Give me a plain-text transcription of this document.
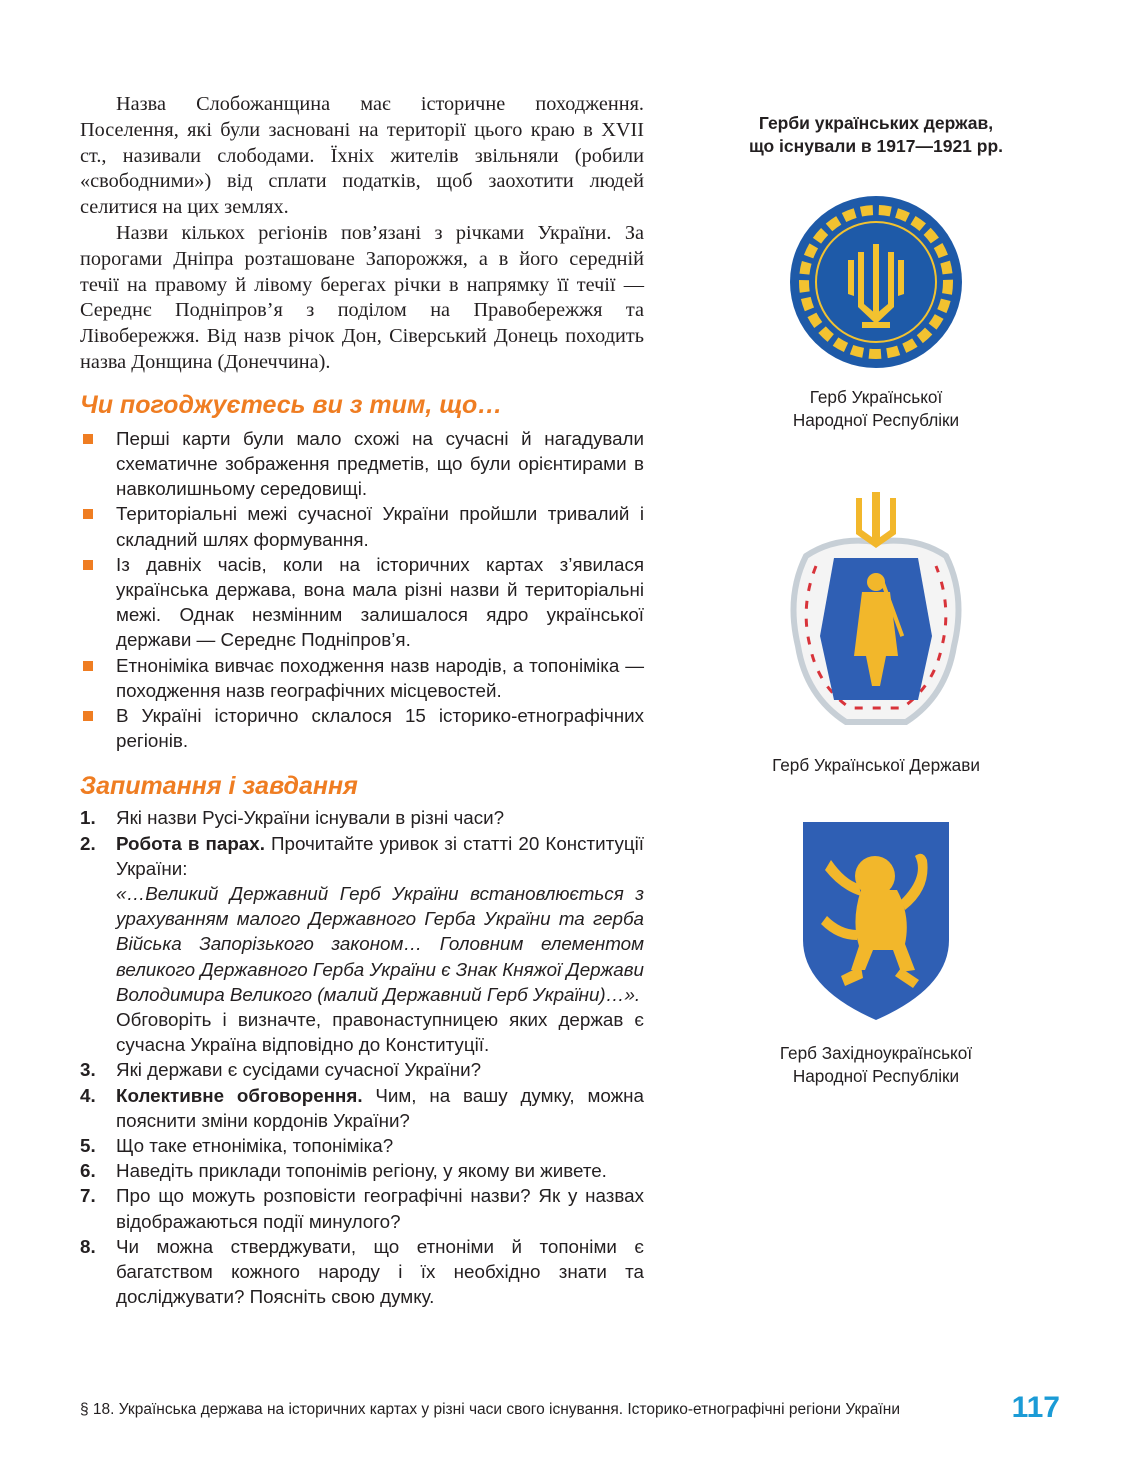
Назва Слобожанщина має історичне походження. Поселення, які були засновані на території цього краю в XVII ст., називали слободами. Їхніх жителів звільняли (робили «свободними») від сплати податків, щоб заохотити людей селитися на цих землях.

Назви кількох регіонів пов’язані з річками України. За порогами Дніпра розташоване Запорожжя, а в його середній течії на правому й лівому берегах річки в напрямку її течії — Середнє Подніпров’я з поділом на Правобережжя та Лівобережжя. Від назв річок Дон, Сіверський Донець походить назва Донщина (Донеччина).

Чи погоджуєтесь ви з тим, що…
Перші карти були мало схожі на сучасні й нагадували схематичне зображення предметів, що були орієнтирами в навколишньому середовищі.
Територіальні межі сучасної України пройшли тривалий і складний шлях формування.
Із давніх часів, коли на історичних картах з’явилася українська держава, вона мала різні назви й територіальні межі. Однак незмінним залишалося ядро української держави — Середнє Подніпров’я.
Етноніміка вивчає походження назв народів, а топоніміка — походження назв географічних місцевостей.
В Україні історично склалося 15 історико-етнографічних регіонів.
Запитання і завдання
1. Які назви Русі-України існували в різні часи?
2. Робота в парах. Прочитайте уривок зі статті 20 Конституції України:
«…Великий Державний Герб України встановлюється з урахуванням малого Державного Герба України та герба Війська Запорізького законом… Головним елементом великого Державного Герба України є Знак Княжої Держави Володимира Великого (малий Державний Герб України)…».
Обговоріть і визначте, правонаступницею яких держав є сучасна Україна відповідно до Конституції.
3. Які держави є сусідами сучасної України?
4. Колективне обговорення. Чим, на вашу думку, можна пояснити зміни кордонів України?
5. Що таке етноніміка, топоніміка?
6. Наведіть приклади топонімів регіону, у якому ви живете.
7. Про що можуть розповісти географічні назви? Як у назвах відображаються події минулого?
8. Чи можна стверджувати, що етноніми й топоніми є багатством кожного народу і їх необхідно знати та досліджувати? Поясніть свою думку.

Герби українських держав,
що існували в 1917—1921 рр.

Герб Української
Народної Республіки
Герб Української Держави
Герб Західноукраїнської
Народної Республіки
§ 18. Українська держава на історичних картах у різні часи свого існування. Історико-етнографічні регіони України	117
